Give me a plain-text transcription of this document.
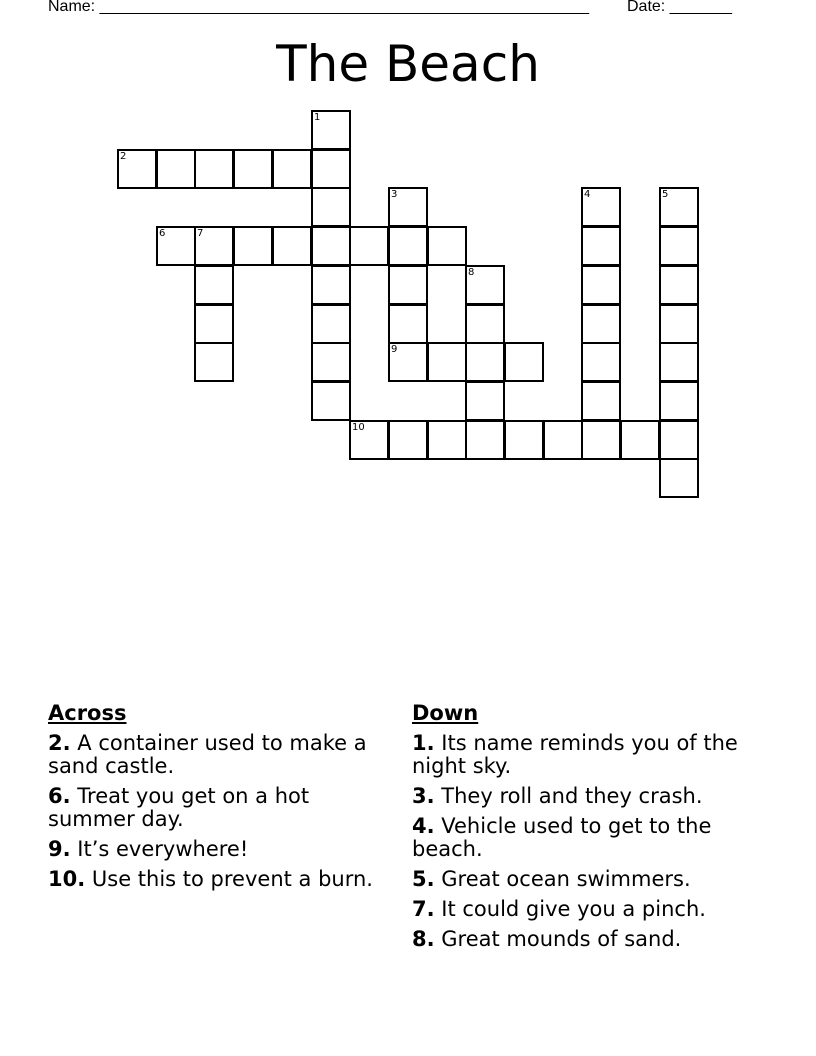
Name: _______________________________________________________ Date: _______
The Beach
1
2
3	4	5
6	7
8
9
10
Across
2. A container used to make a sand castle.
6. Treat you get on a hot summer day.
9. It’s everywhere!
10. Use this to prevent a burn.
Down
1. Its name reminds you of the night sky.
3. They roll and they crash.
4. Vehicle used to get to the beach.
5. Great ocean swimmers.
7. It could give you a pinch.
8. Great mounds of sand.
